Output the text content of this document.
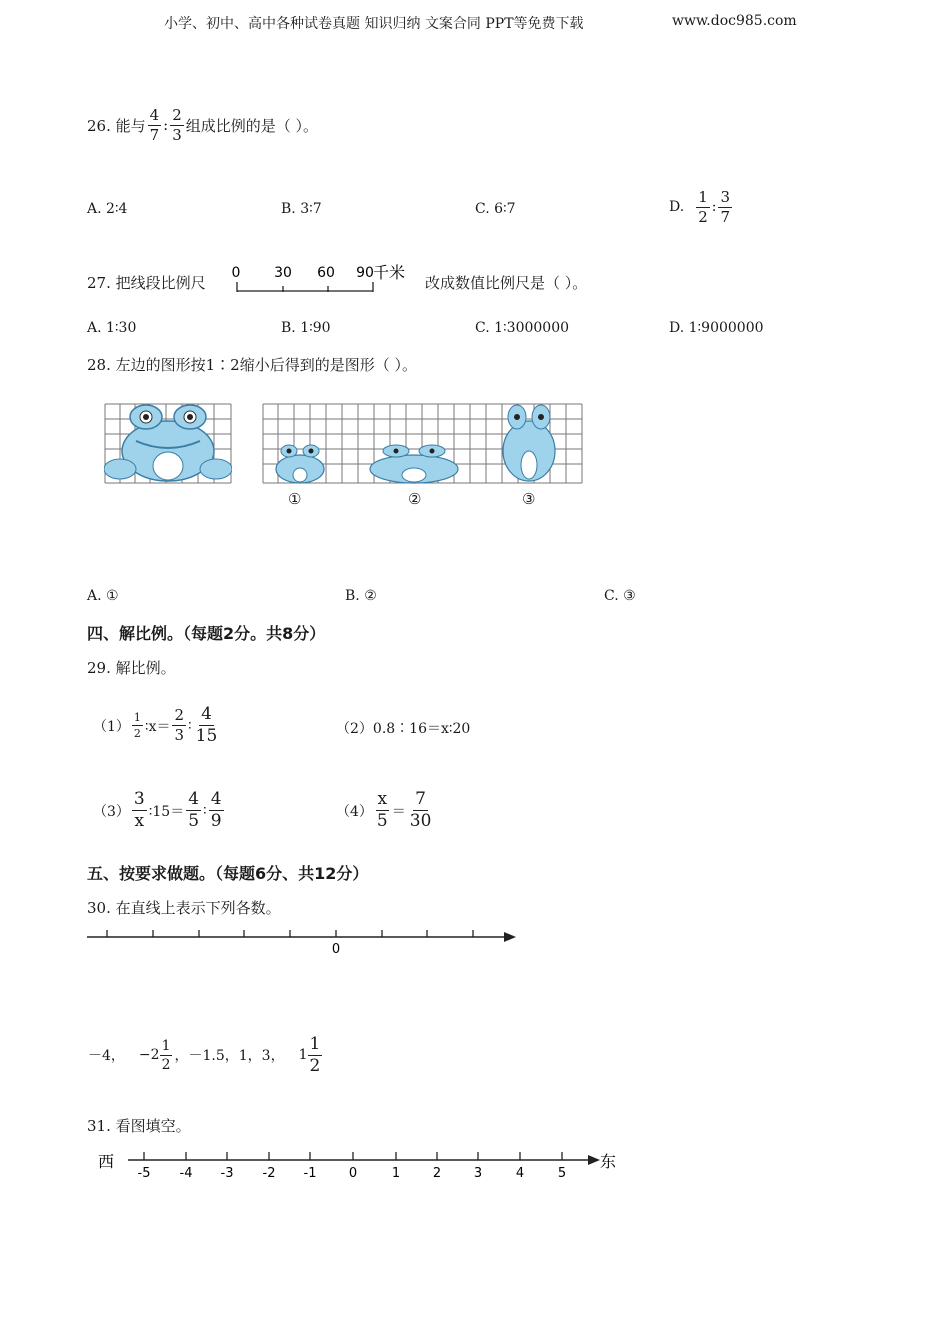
小学、初中、高中各种试卷真题 知识归纳 文案合同 PPT等免费下载	www.doc985.com
26. 能与 $\frac{4}{7}$ : $\frac{2}{3}$ 组成比例的是（ ）。
A. 2∶4	B. 3∶7	C. 6∶7	D. $\frac{1}{2}$ : $\frac{3}{7}$
27. 把线段比例尺
0 30 60 90 千米
改成数值比例尺是（ ）。
A. 1∶30	B. 1∶90	C. 1∶3000000	D. 1∶9000000
28. 左边的图形按1∶2缩小后得到的是图形（ ）。
①	②	③
A. ①	B. ②	C. ③
四、解比例。（每题2分。共8分）
29. 解比例。
$(1) \frac{1}{2}$ ∶x＝ $\frac{2}{3}$ ∶ $\frac{4}{15}$	（2）0.8∶16＝x∶20
$(3) \frac{3}{x}$ ∶15＝ $\frac{4}{5}$ ∶ $\frac{4}{9}$	$(4) \frac{x}{5} = \frac{7}{30}$
五、按要求做题。（每题6分、共12分）
30. 在直线上表示下列各数。
0
－4， $-2 \frac{1}{2}$ ，－1.5，1，3， $1 \frac{1}{2}$
31. 看图填空。
西	东
-5 -4 -3 -2 -1 0	1	2	3	4	5
